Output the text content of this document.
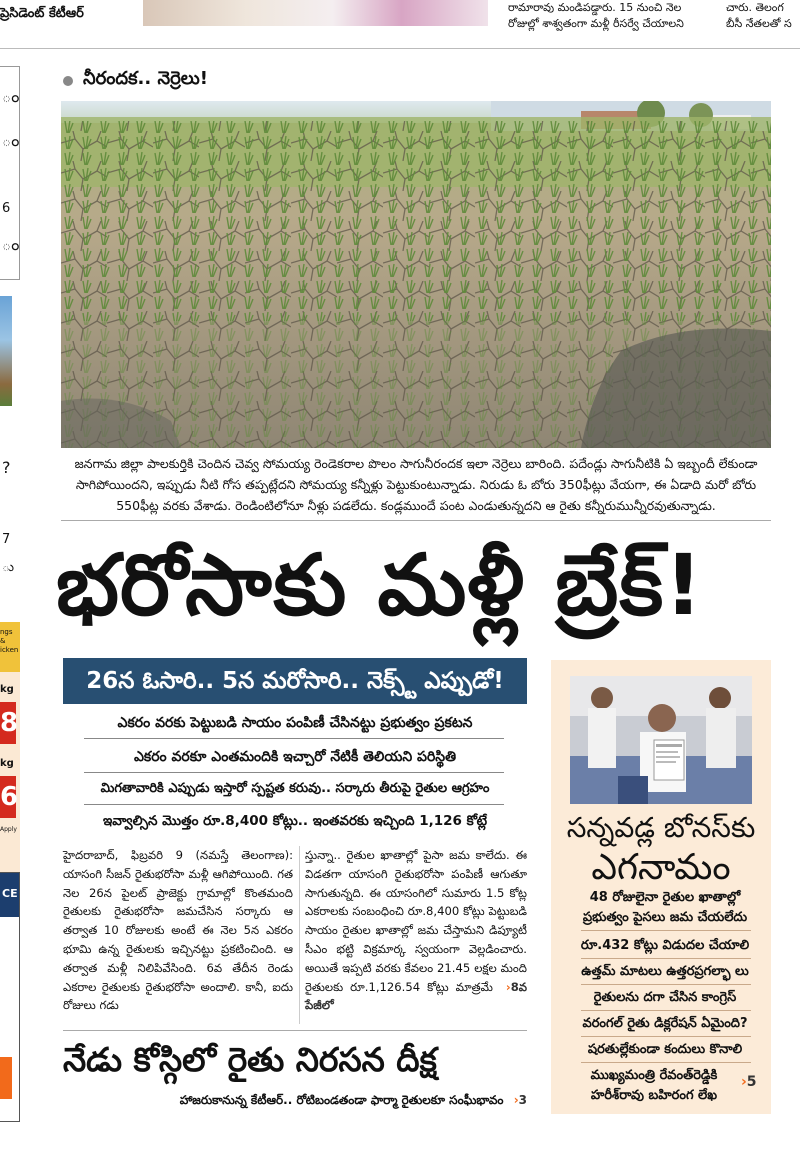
ప్రెసిడెంట్ కేటీఆర్	రామారావు మండిపడ్డారు. 15 నుంచి నెల
రోజుల్లో శాశ్వతంగా మళ్లీ రీసర్వే చేయాలని
చారు. తెలంగ
బీసీ నేతలతో స
ం
ం
6
ం
?
7
ు
ngs & icken
kg
8
kg
6
Apply
CE
నీరందక.. నెర్రెలు!
జనగామ జిల్లా పాలకుర్తికి చెందిన చెవ్వ సోమయ్య రెండెకరాల పొలం సాగునీరందక ఇలా నెర్రెలు బారింది. పదేండ్లు సాగునీటికి ఏ ఇబ్బందీ లేకుండా సాగిపోయిందని, ఇప్పుడు నీటి గోస తప్పట్లేదని సోమయ్య కన్నీళ్లు పెట్టుకుంటున్నాడు. నిరుడు ఓ బోరు 350ఫీట్లు వేయగా, ఈ ఏడాది మరో బోరు 550ఫీట్ల వరకు వేశాడు. రెండింటిలోనూ నీళ్లు పడలేదు. కండ్లముందే పంట ఎండుతున్నదని ఆ రైతు కన్నీరుమున్నీరవుతున్నాడు.
భరోసాకు మళ్లీ బ్రేక్!
26న ఓసారి.. 5న మరోసారి.. నెక్స్ట్ ఎప్పుడో!
ఎకరం వరకు పెట్టుబడి సాయం పంపిణీ చేసినట్టు ప్రభుత్వం ప్రకటన
ఎకరం వరకూ ఎంతమందికి ఇచ్చారో నేటికీ తెలియని పరిస్థితి
మిగతావారికి ఎప్పుడు ఇస్తారో స్పష్టత కరువు.. సర్కారు తీరుపై రైతుల ఆగ్రహం
ఇవ్వాల్సిన మొత్తం రూ.8,400 కోట్లు.. ఇంతవరకు ఇచ్చింది 1,126 కోట్లే
హైదరాబాద్, ఫిబ్రవరి 9 (నమస్తే తెలంగాణ): యాసంగి సీజన్ రైతుభరోసా మళ్లీ ఆగిపోయింది. గత నెల 26న పైలట్ ప్రాజెక్టు గ్రామాల్లో కొంతమంది రైతులకు రైతుభరోసా జమచేసిన సర్కారు ఆ తర్వాత 10 రోజులకు అంటే ఈ నెల 5న ఎకరం భూమి ఉన్న రైతులకు ఇచ్చినట్టు ప్రకటించింది. ఆ తర్వాత మళ్లీ నిలిపివేసింది. 6వ తేదీన రెండు ఎకరాల రైతులకు రైతుభరోసా అందాలి. కానీ, ఐదు రోజులు గడు
స్తున్నా.. రైతుల ఖాతాల్లో పైసా జమ కాలేదు. ఈ విడతగా యాసంగి రైతుభరోసా పంపిణీ ఆగుతూ సాగుతున్నది. ఈ యాసంగిలో సుమారు 1.5 కోట్ల ఎకరాలకు సంబంధించి రూ.8,400 కోట్లు పెట్టుబడి సాయం రైతుల ఖాతాల్లో జమ చేస్తామని డిప్యూటీ సీఎం భట్టి విక్రమార్క స్వయంగా వెల్లడించారు. అయితే ఇప్పటి వరకు కేవలం 21.45 లక్షల మంది రైతులకు రూ.1,126.54 కోట్లు మాత్రమే ›8వ పేజీలో
నేడు కోస్గిలో రైతు నిరసన దీక్ష
హాజరుకానున్న కేటీఆర్.. రోటిబండతండా ఫార్మా రైతులకూ సంఘీభావం ›3
సన్నవడ్ల బోనస్‌కు
ఎగనామం
48 రోజులైనా రైతుల ఖాతాల్లో ప్రభుత్వం పైసలు జమ చేయలేదు
రూ.432 కోట్లు విడుదల చేయాలి
ఉత్తమ్ మాటలు ఉత్తరప్రగల్భా లు
రైతులను దగా చేసిన కాంగ్రెస్
వరంగల్ రైతు డిక్లరేషన్ ఏమైంది?
షరతుల్లేకుండా కందులు కొనాలి
ముఖ్యమంత్రి రేవంత్‌రెడ్డికి హరీశ్‌రావు బహిరంగ లేఖ
›5
